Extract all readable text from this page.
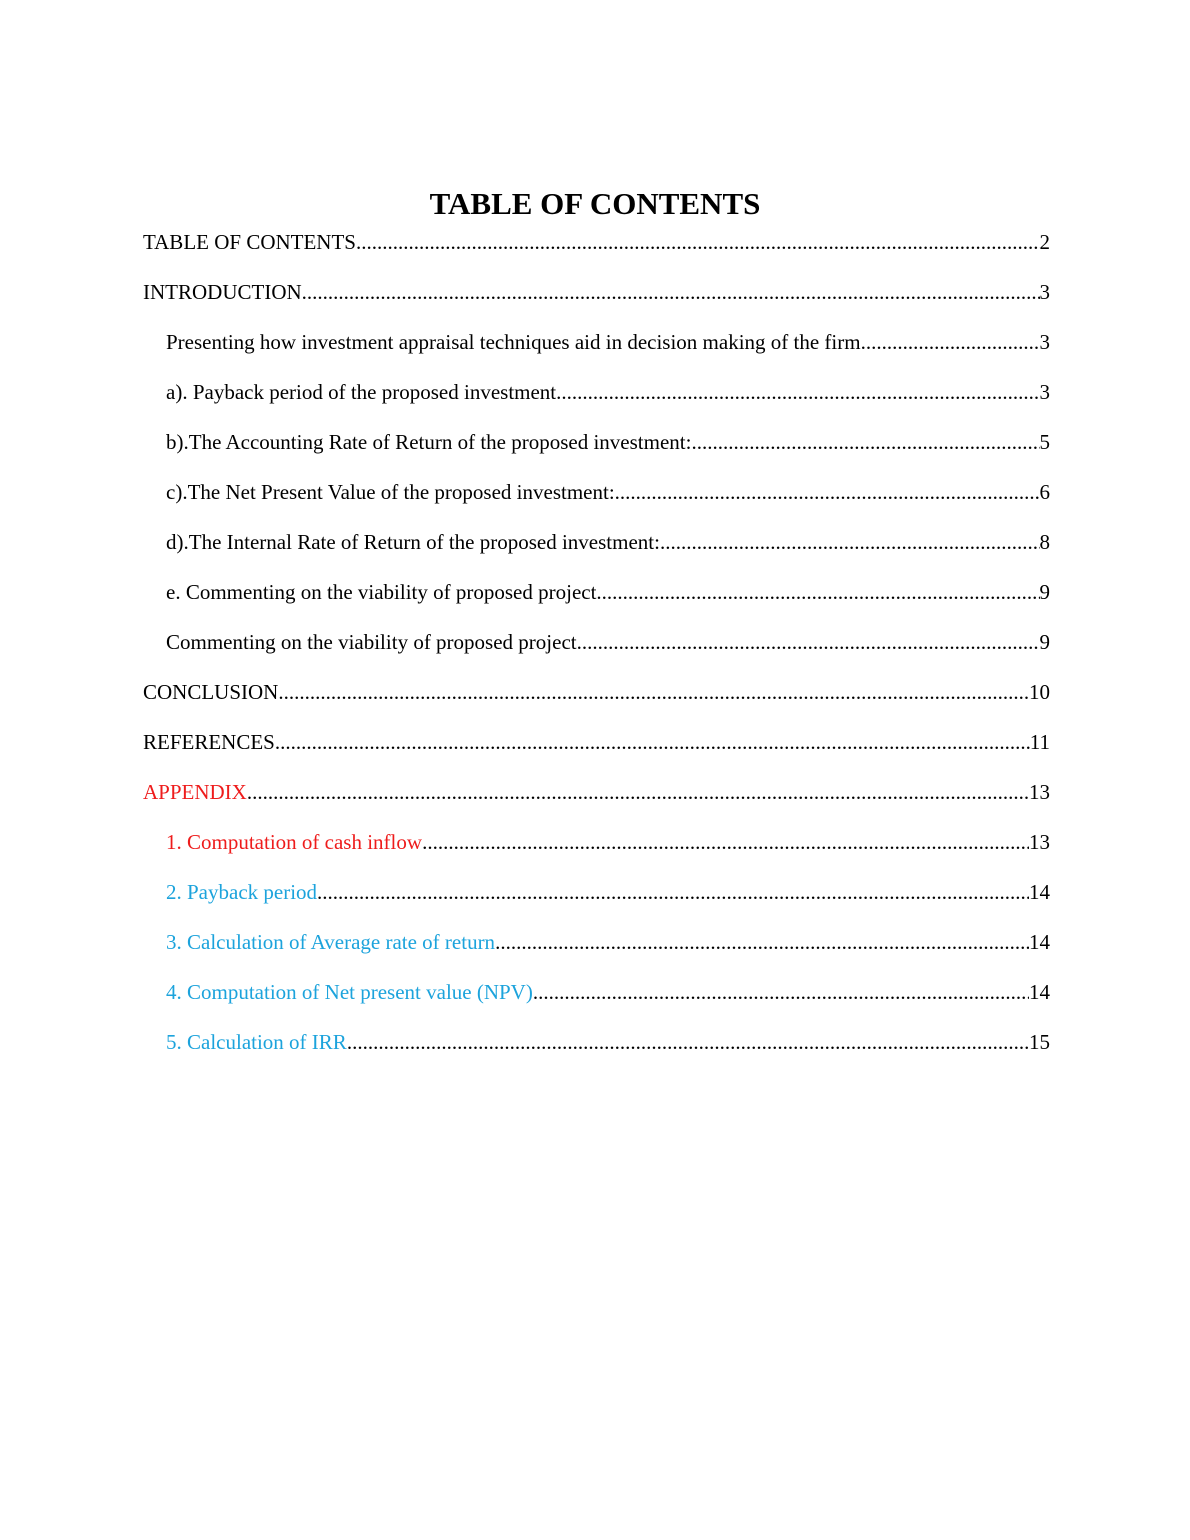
TABLE OF CONTENTS
TABLE OF CONTENTS .....	2
INTRODUCTION .....	3
Presenting how investment appraisal techniques aid in decision making of the firm .....	3
a). Payback period of the proposed investment .....	3
b).The Accounting Rate of Return of the proposed investment: .....	5
c).The Net Present Value of the proposed investment: .....	6
d).The Internal Rate of Return of the proposed investment: .....	8
e. Commenting on the viability of proposed project .....	9
Commenting on the viability of proposed project .....	9
CONCLUSION .....	10
REFERENCES .....	11
APPENDIX .....	13
1. Computation of cash inflow .....	13
2. Payback period .....	14
3. Calculation of Average rate of return .....	14
4. Computation of Net present value (NPV) .....	14
5. Calculation of IRR .....	15
